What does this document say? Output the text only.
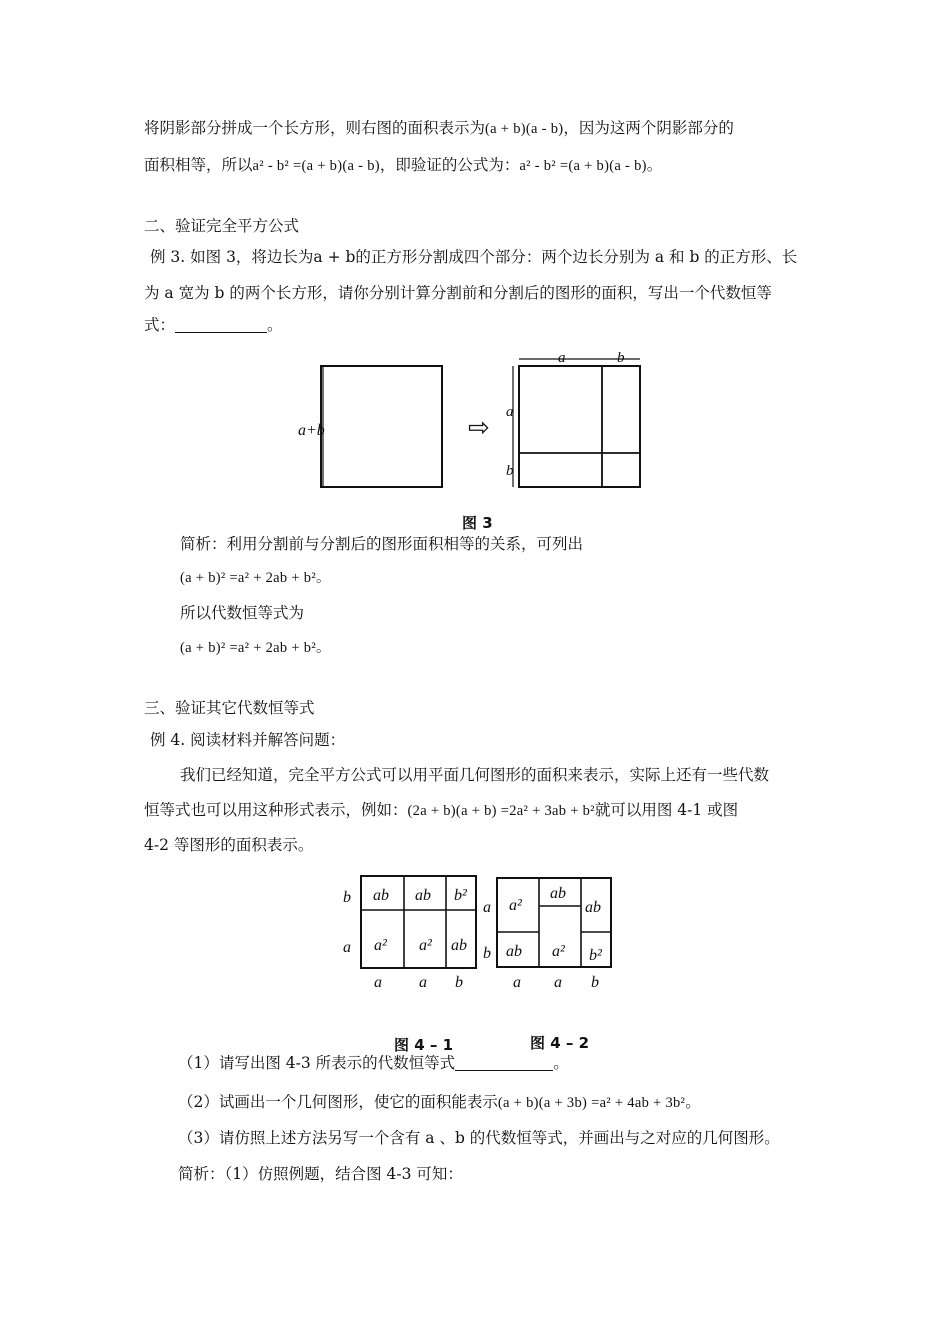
将阴影部分拼成一个长方形，则右图的面积表示为(a + b)(a - b)，因为这两个阴影部分的
面积相等，所以a² - b² =(a + b)(a - b)，即验证的公式为：a² - b² =(a + b)(a - b)。
二、验证完全平方公式
例 3. 如图 3，将边长为a + b的正方形分割成四个部分：两个边长分别为 a 和 b 的正方形、长
为 a 宽为 b 的两个长方形，请你分别计算分割前和分割后的图形的面积，写出一个代数恒等
式：	。
a+b	⇨
a	b
a
b
图 3
简析：利用分割前与分割后的图形面积相等的关系，可列出
(a + b)² =a² + 2ab + b²。
所以代数恒等式为
(a + b)² =a² + 2ab + b²。
三、验证其它代数恒等式
例 4. 阅读材料并解答问题：
我们已经知道，完全平方公式可以用平面几何图形的面积来表示，实际上还有一些代数
恒等式也可以用这种形式表示，例如：(2a + b)(a + b) =2a² + 3ab + b²就可以用图 4-1 或图
4-2 等图形的面积表示。
b
a
ab ab b²
a² a² ab
a a b
a
b
a²
ab
ab
ab a² b²
a a b
图 4 – 1	图 4 – 2
（1）请写出图 4-3 所表示的代数恒等式	。
（2）试画出一个几何图形，使它的面积能表示(a + b)(a + 3b) =a² + 4ab + 3b²。
（3）请仿照上述方法另写一个含有 a 、b 的代数恒等式，并画出与之对应的几何图形。
简析：（1）仿照例题，结合图 4-3 可知：
